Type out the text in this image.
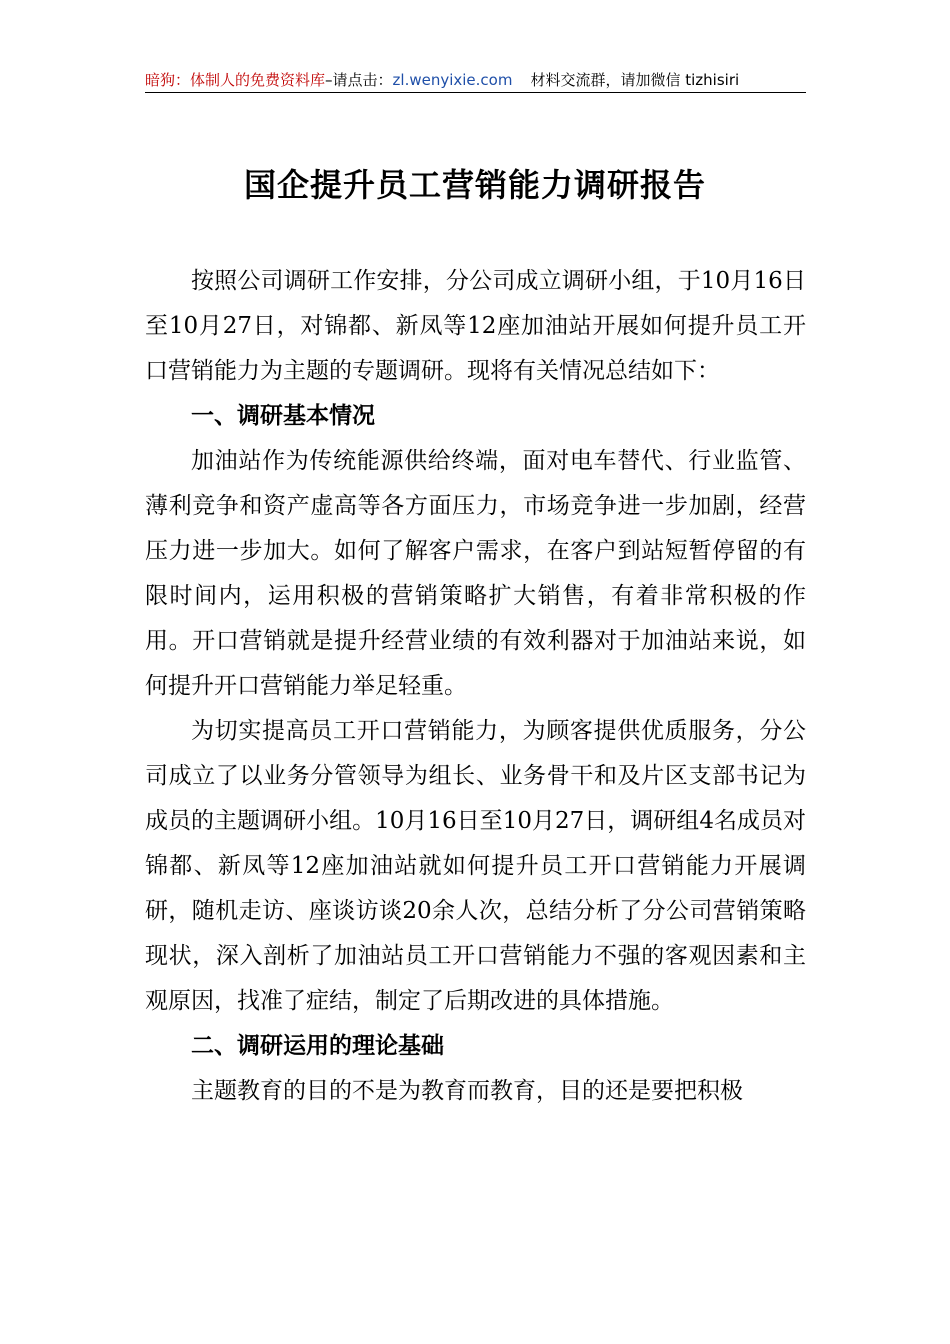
暗狗：体制人的免费资料库–请点击：zl.wenyixie.com 材料交流群，请加微信 tizhisiri
国企提升员工营销能力调研报告

按照公司调研工作安排，分公司成立调研小组，于10月16日至10月27日，对锦都、新凤等12座加油站开展如何提升员工开口营销能力为主题的专题调研。现将有关情况总结如下：

一、调研基本情况

加油站作为传统能源供给终端，面对电车替代、行业监管、薄利竞争和资产虚高等各方面压力，市场竞争进一步加剧，经营压力进一步加大。如何了解客户需求，在客户到站短暂停留的有限时间内，运用积极的营销策略扩大销售，有着非常积极的作用。开口营销就是提升经营业绩的有效利器对于加油站来说，如何提升开口营销能力举足轻重。

为切实提高员工开口营销能力，为顾客提供优质服务，分公司成立了以业务分管领导为组长、业务骨干和及片区支部书记为成员的主题调研小组。10月16日至10月27日，调研组4名成员对锦都、新凤等12座加油站就如何提升员工开口营销能力开展调研，随机走访、座谈访谈20余人次，总结分析了分公司营销策略现状，深入剖析了加油站员工开口营销能力不强的客观因素和主观原因，找准了症结，制定了后期改进的具体措施。

二、调研运用的理论基础

主题教育的目的不是为教育而教育，目的还是要把积极
